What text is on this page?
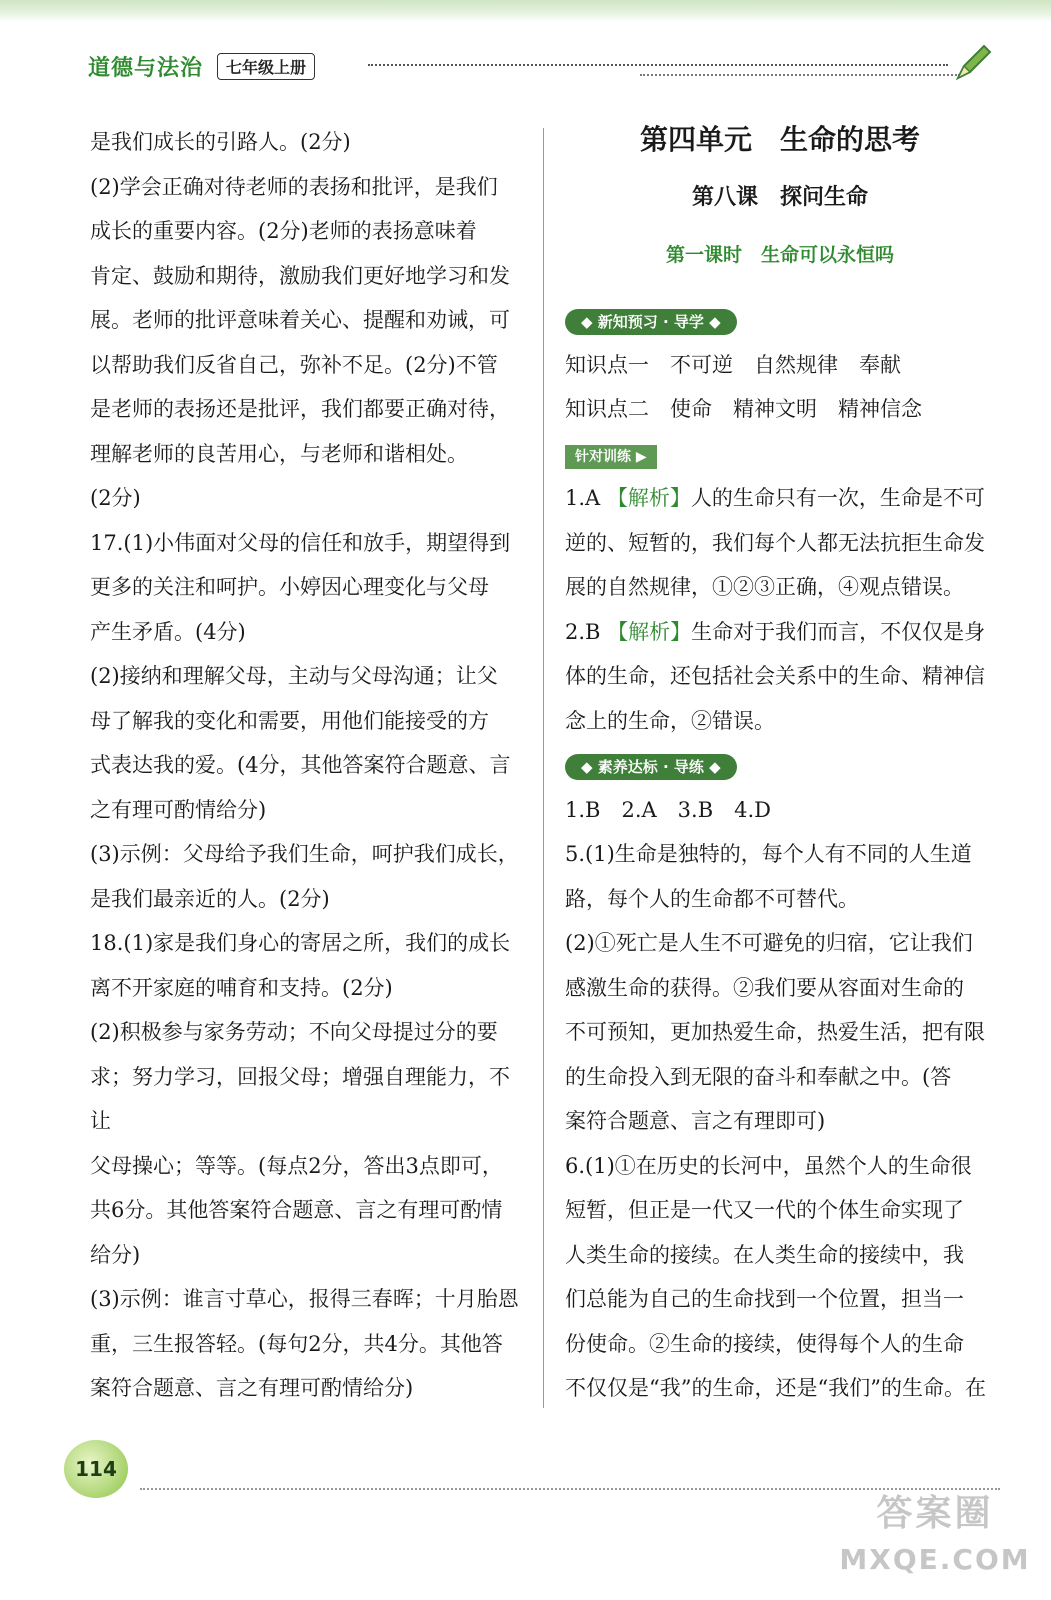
道德与法治	七年级上册

是我们成长的引路人。(2分)

(2)学会正确对待老师的表扬和批评，是我们

成长的重要内容。(2分)老师的表扬意味着

肯定、鼓励和期待，激励我们更好地学习和发

展。老师的批评意味着关心、提醒和劝诫，可

以帮助我们反省自己，弥补不足。(2分)不管

是老师的表扬还是批评，我们都要正确对待，

理解老师的良苦用心，与老师和谐相处。

(2分)

17.(1)小伟面对父母的信任和放手，期望得到

更多的关注和呵护。小婷因心理变化与父母

产生矛盾。(4分)

(2)接纳和理解父母，主动与父母沟通；让父

母了解我的变化和需要，用他们能接受的方

式表达我的爱。(4分，其他答案符合题意、言

之有理可酌情给分)

(3)示例：父母给予我们生命，呵护我们成长，

是我们最亲近的人。(2分)

18.(1)家是我们身心的寄居之所，我们的成长

离不开家庭的哺育和支持。(2分)

(2)积极参与家务劳动；不向父母提过分的要

求；努力学习，回报父母；增强自理能力，不让

父母操心；等等。(每点2分，答出3点即可，

共6分。其他答案符合题意、言之有理可酌情

给分)

(3)示例：谁言寸草心，报得三春晖；十月胎恩

重，三生报答轻。(每句2分，共4分。其他答

案符合题意、言之有理可酌情给分)

第四单元　生命的思考

第八课　探问生命

第一课时　生命可以永恒吗

◆ 新知预习 · 导学 ◆

知识点一　不可逆　自然规律　奉献

知识点二　使命　精神文明　精神信念

针对训练 ▶

1.A 【解析】人的生命只有一次，生命是不可

逆的、短暂的，我们每个人都无法抗拒生命发

展的自然规律，①②③正确，④观点错误。

2.B 【解析】生命对于我们而言，不仅仅是身

体的生命，还包括社会关系中的生命、精神信

念上的生命，②错误。

◆ 素养达标 · 导练 ◆

1.B　2.A　3.B　4.D

5.(1)生命是独特的，每个人有不同的人生道

路，每个人的生命都不可替代。

(2)①死亡是人生不可避免的归宿，它让我们

感激生命的获得。②我们要从容面对生命的

不可预知，更加热爱生命，热爱生活，把有限

的生命投入到无限的奋斗和奉献之中。(答

案符合题意、言之有理即可)

6.(1)①在历史的长河中，虽然个人的生命很

短暂，但正是一代又一代的个体生命实现了

人类生命的接续。在人类生命的接续中，我

们总能为自己的生命找到一个位置，担当一

份使命。②生命的接续，使得每个人的生命

不仅仅是“我”的生命，还是“我们”的生命。在

114
答案圈
MXQE.COM
